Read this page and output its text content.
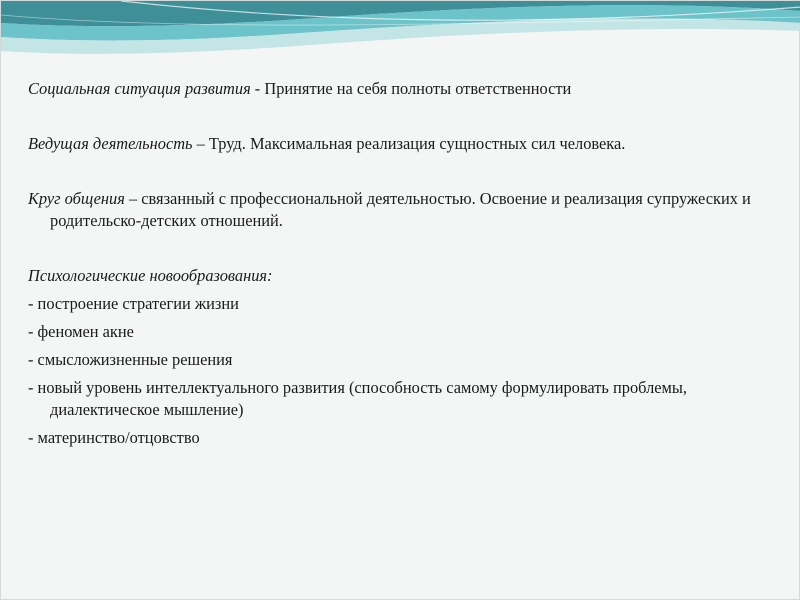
Социальная ситуация развития - Принятие на себя полноты ответственности

Ведущая деятельность – Труд. Максимальная реализация сущностных сил человека.

Круг общения – связанный с профессиональной деятельностью. Освоение и реализация супружеских и родительско-детских отношений.

Психологические новообразования:

- построение стратегии жизни

- феномен акне

- смысложизненные решения

- новый уровень интеллектуального развития (способность самому формулировать проблемы, диалектическое мышление)

- материнство/отцовство
